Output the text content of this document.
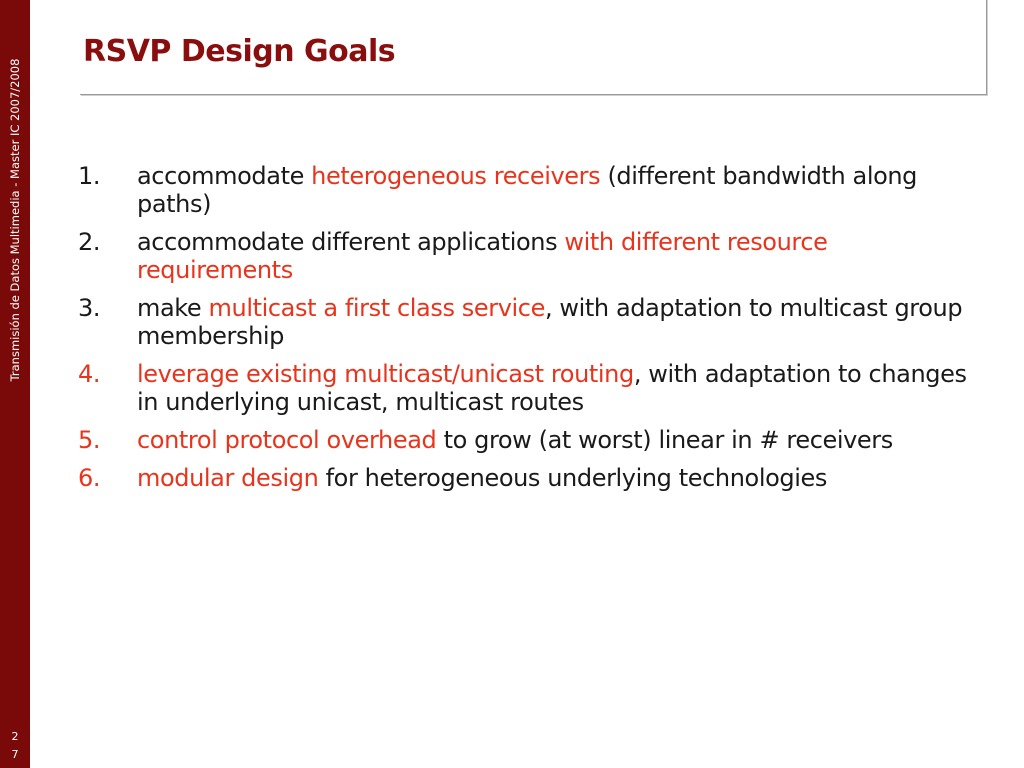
Transmisión de Datos Multimedia - Master IC 2007/2008
2
7
RSVP Design Goals
1.	accommodate heterogeneous receivers (different bandwidth along paths)
2.	accommodate different applications with different resource requirements
3.	make multicast a first class service, with adaptation to multicast group membership
4.	leverage existing multicast/unicast routing, with adaptation to changes in underlying unicast, multicast routes
5.	control protocol overhead to grow (at worst) linear in # receivers
6.	modular design for heterogeneous underlying technologies
